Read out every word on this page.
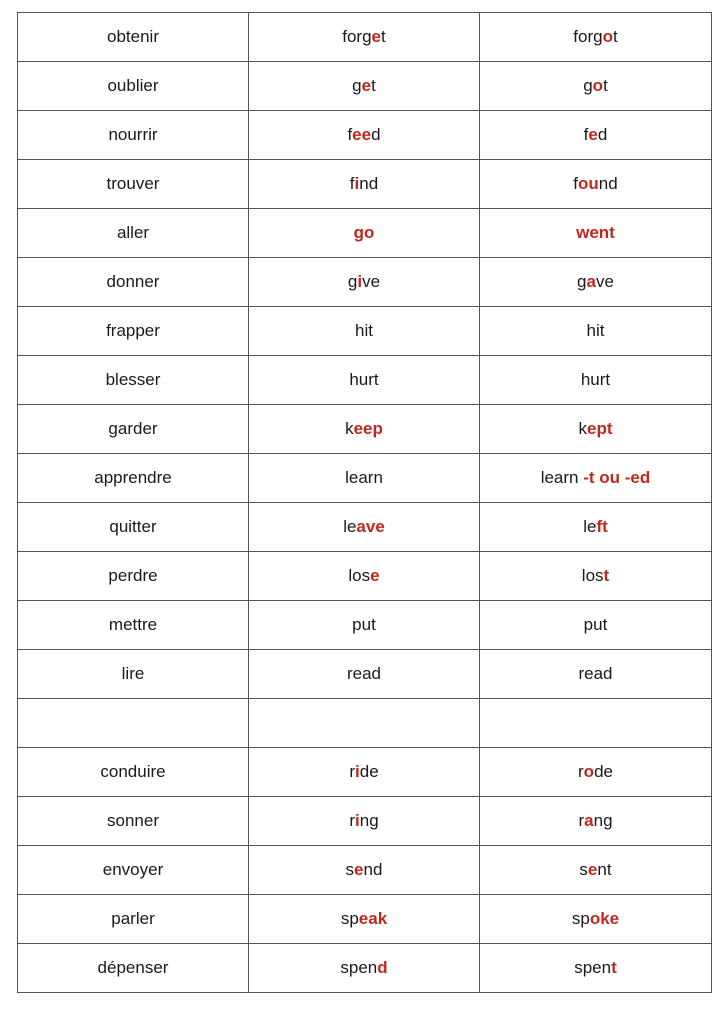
obtenir	forget	forgot
oublier	get	got
nourrir	feed	fed
trouver	find	found
aller	go	went
donner	give	gave
frapper	hit	hit
blesser	hurt	hurt
garder	keep	kept
apprendre	learn	learn -t ou -ed
quitter	leave	left
perdre	lose	lost
mettre	put	put
lire	read	read

conduire	ride	rode
sonner	ring	rang
envoyer	send	sent
parler	speak	spoke
dépenser	spend	spent
